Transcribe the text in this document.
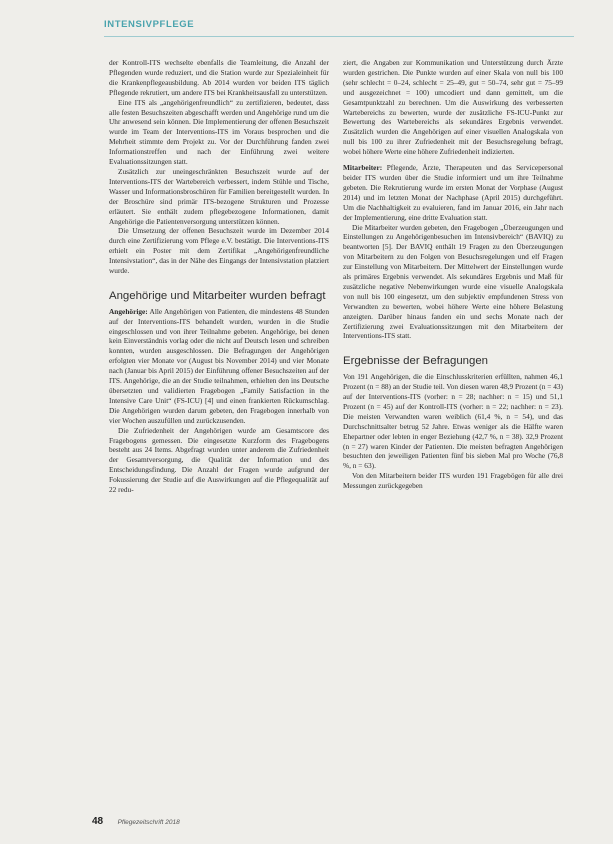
INTENSIVPFLEGE

der Kontroll-ITS wechselte ebenfalls die Teamleitung, die Anzahl der Pflegenden wurde reduziert, und die Station wurde zur Spezialeinheit für die Krankenpflegeausbildung. Ab 2014 wurden vor beiden ITS täglich Pflegende rekrutiert, um andere ITS bei Krankheitsausfall zu unterstützen.

Eine ITS als „angehörigenfreundlich“ zu zertifizieren, bedeutet, dass alle festen Besuchszeiten abgeschafft werden und Angehörige rund um die Uhr anwesend sein können. Die Implementierung der offenen Besuchszeit wurde im Team der Interventions-ITS im Voraus besprochen und die Mehrheit stimmte dem Projekt zu. Vor der Durchführung fanden zwei Informationstreffen und nach der Einführung zwei weitere Evaluationssitzungen statt.

Zusätzlich zur uneingeschränkten Besuchszeit wurde auf der Interventions-ITS der Wartebereich verbessert, indem Stühle und Tische, Wasser und Informationsbroschüren für Familien bereitgestellt wurden. In der Broschüre sind primär ITS-bezogene Strukturen und Prozesse erläutert. Sie enthält zudem pflegebezogene Informationen, damit Angehörige die Patientenversorgung unterstützen können.

Die Umsetzung der offenen Besuchszeit wurde im Dezember 2014 durch eine Zertifizierung vom Pflege e.V. bestätigt. Die Interventions-ITS erhielt ein Poster mit dem Zertifikat „Angehörigenfreundliche Intensivstation“, das in der Nähe des Eingangs der Intensivstation platziert wurde.

Angehörige und Mitarbeiter wurden befragt

Angehörige: Alle Angehörigen von Patienten, die mindestens 48 Stunden auf der Interventions-ITS behandelt wurden, wurden in die Studie eingeschlossen und von ihrer Teilnahme gebeten. Angehörige, bei denen kein Einverständnis vorlag oder die nicht auf Deutsch lesen und schreiben konnten, wurden ausgeschlossen. Die Befragungen der Angehörigen erfolgten vier Monate vor (August bis November 2014) und vier Monate nach (Januar bis April 2015) der Einführung offener Besuchszeiten auf der ITS. Angehörige, die an der Studie teilnahmen, erhielten den ins Deutsche übersetzten und validierten Fragebogen „Family Satisfaction in the Intensive Care Unit“ (FS-ICU) [4] und einen frankierten Rückumschlag. Die Angehörigen wurden darum gebeten, den Fragebogen innerhalb von vier Wochen auszufüllen und zurückzusenden.

Die Zufriedenheit der Angehörigen wurde am Gesamtscore des Fragebogens gemessen. Die eingesetzte Kurzform des Fragebogens besteht aus 24 Items. Abgefragt wurden unter anderem die Zufriedenheit der Gesamtversorgung, die Qualität der Information und des Entscheidungsfindung. Die Anzahl der Fragen wurde aufgrund der Fokussierung der Studie auf die Auswirkungen auf die Pflegequalität auf 22 redu-

ziert, die Angaben zur Kommunikation und Unterstützung durch Ärzte wurden gestrichen. Die Punkte wurden auf einer Skala von null bis 100 (sehr schlecht = 0–24, schlecht = 25–49, gut = 50–74, sehr gut = 75–99 und ausgezeichnet = 100) umcodiert und dann gemittelt, um die Gesamtpunktzahl zu berechnen. Um die Auswirkung des verbesserten Wartebereichs zu bewerten, wurde der zusätzliche FS-ICU-Punkt zur Bewertung des Wartebereichs als sekundäres Ergebnis verwendet. Zusätzlich wurden die Angehörigen auf einer visuellen Analogskala von null bis 100 zu ihrer Zufriedenheit mit der Besuchsregelung befragt, wobei höhere Werte eine höhere Zufriedenheit indizierten.

Mitarbeiter: Pflegende, Ärzte, Therapeuten und das Servicepersonal beider ITS wurden über die Studie informiert und um ihre Teilnahme gebeten. Die Rekrutierung wurde im ersten Monat der Vorphase (August 2014) und im letzten Monat der Nachphase (April 2015) durchgeführt. Um die Nachhaltigkeit zu evaluieren, fand im Januar 2016, ein Jahr nach der Implementierung, eine dritte Evaluation statt.

Die Mitarbeiter wurden gebeten, den Fragebogen „Überzeugungen und Einstellungen zu Angehörigenbesuchen im Intensivbereich“ (BAVIQ) zu beantworten [5]. Der BAVIQ enthält 19 Fragen zu den Überzeugungen von Mitarbeitern zu den Folgen von Besuchsregelungen und elf Fragen zur Einstellung von Mitarbeitern. Der Mittelwert der Einstellungen wurde als primäres Ergebnis verwendet. Als sekundäres Ergebnis und Maß für zusätzliche negative Nebenwirkungen wurde eine visuelle Analogskala von null bis 100 eingesetzt, um den subjektiv empfundenen Stress von Verwandten zu bewerten, wobei höhere Werte eine höhere Belastung anzeigten. Darüber hinaus fanden ein und sechs Monate nach der Zertifizierung zwei Evaluationssitzungen mit den Mitarbeitern der Interventions-ITS statt.

Ergebnisse der Befragungen

Von 191 Angehörigen, die die Einschlusskriterien erfüllten, nahmen 46,1 Prozent (n = 88) an der Studie teil. Von diesen waren 48,9 Prozent (n = 43) auf der Interventions-ITS (vorher: n = 28; nachher: n = 15) und 51,1 Prozent (n = 45) auf der Kontroll-ITS (vorher: n = 22; nachher: n = 23). Die meisten Verwandten waren weiblich (61,4 %, n = 54), und das Durchschnittsalter betrug 52 Jahre. Etwas weniger als die Hälfte waren Ehepartner oder lebten in enger Beziehung (42,7 %, n = 38). 32,9 Prozent (n = 27) waren Kinder der Patienten. Die meisten befragten Angehörigen besuchten den jeweiligen Patienten fünf bis sieben Mal pro Woche (76,8 %, n = 63).

Von den Mitarbeitern beider ITS wurden 191 Fragebögen für alle drei Messungen zurückgegeben

48 Pflegezeitschrift 2018
